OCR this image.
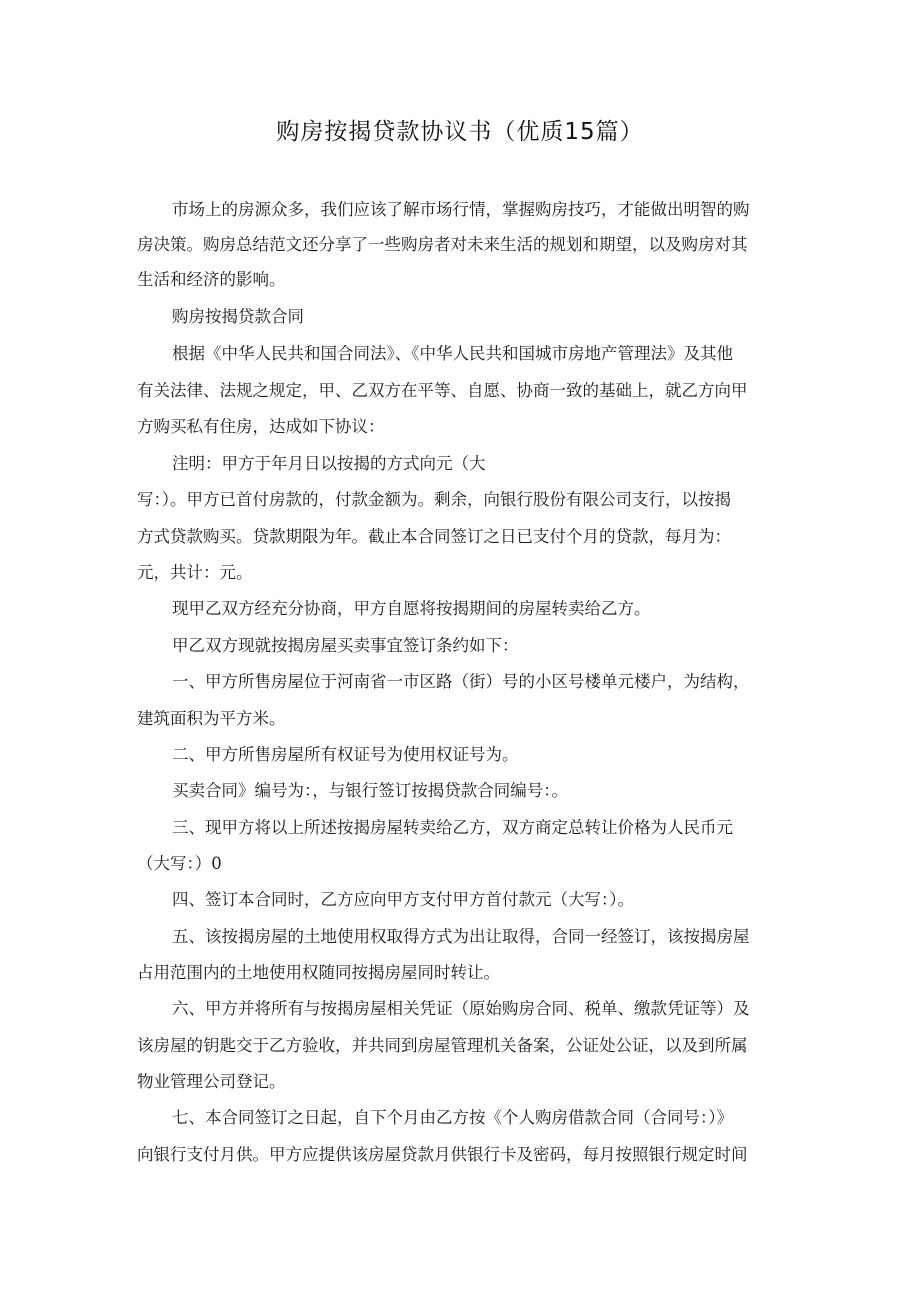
购房按揭贷款协议书（优质15篇）
市场上的房源众多，我们应该了解市场行情，掌握购房技巧，才能做出明智的购
房决策。购房总结范文还分享了一些购房者对未来生活的规划和期望，以及购房对其
生活和经济的影响。
购房按揭贷款合同
根据《中华人民共和国合同法》、《中华人民共和国城市房地产管理法》及其他
有关法律、法规之规定，甲、乙双方在平等、自愿、协商一致的基础上，就乙方向甲
方购买私有住房，达成如下协议：
注明：甲方于年月日以按揭的方式向元（大
写：）。甲方已首付房款的，付款金额为。剩余，向银行股份有限公司支行，以按揭
方式贷款购买。贷款期限为年。截止本合同签订之日已支付个月的贷款，每月为：
元，共计：元。
现甲乙双方经充分协商，甲方自愿将按揭期间的房屋转卖给乙方。
甲乙双方现就按揭房屋买卖事宜签订条约如下：
一、甲方所售房屋位于河南省一市区路（街）号的小区号楼单元楼户，为结构，
建筑面积为平方米。
二、甲方所售房屋所有权证号为使用权证号为。
买卖合同》编号为：，与银行签订按揭贷款合同编号：。
三、现甲方将以上所述按揭房屋转卖给乙方，双方商定总转让价格为人民币元
（大写：）0
四、签订本合同时，乙方应向甲方支付甲方首付款元（大写：）。
五、该按揭房屋的土地使用权取得方式为出让取得，合同一经签订，该按揭房屋
占用范围内的土地使用权随同按揭房屋同时转让。
六、甲方并将所有与按揭房屋相关凭证（原始购房合同、税单、缴款凭证等）及
该房屋的钥匙交于乙方验收，并共同到房屋管理机关备案，公证处公证，以及到所属
物业管理公司登记。
七、本合同签订之日起，自下个月由乙方按《个人购房借款合同（合同号：）》
向银行支付月供。甲方应提供该房屋贷款月供银行卡及密码，每月按照银行规定时间
